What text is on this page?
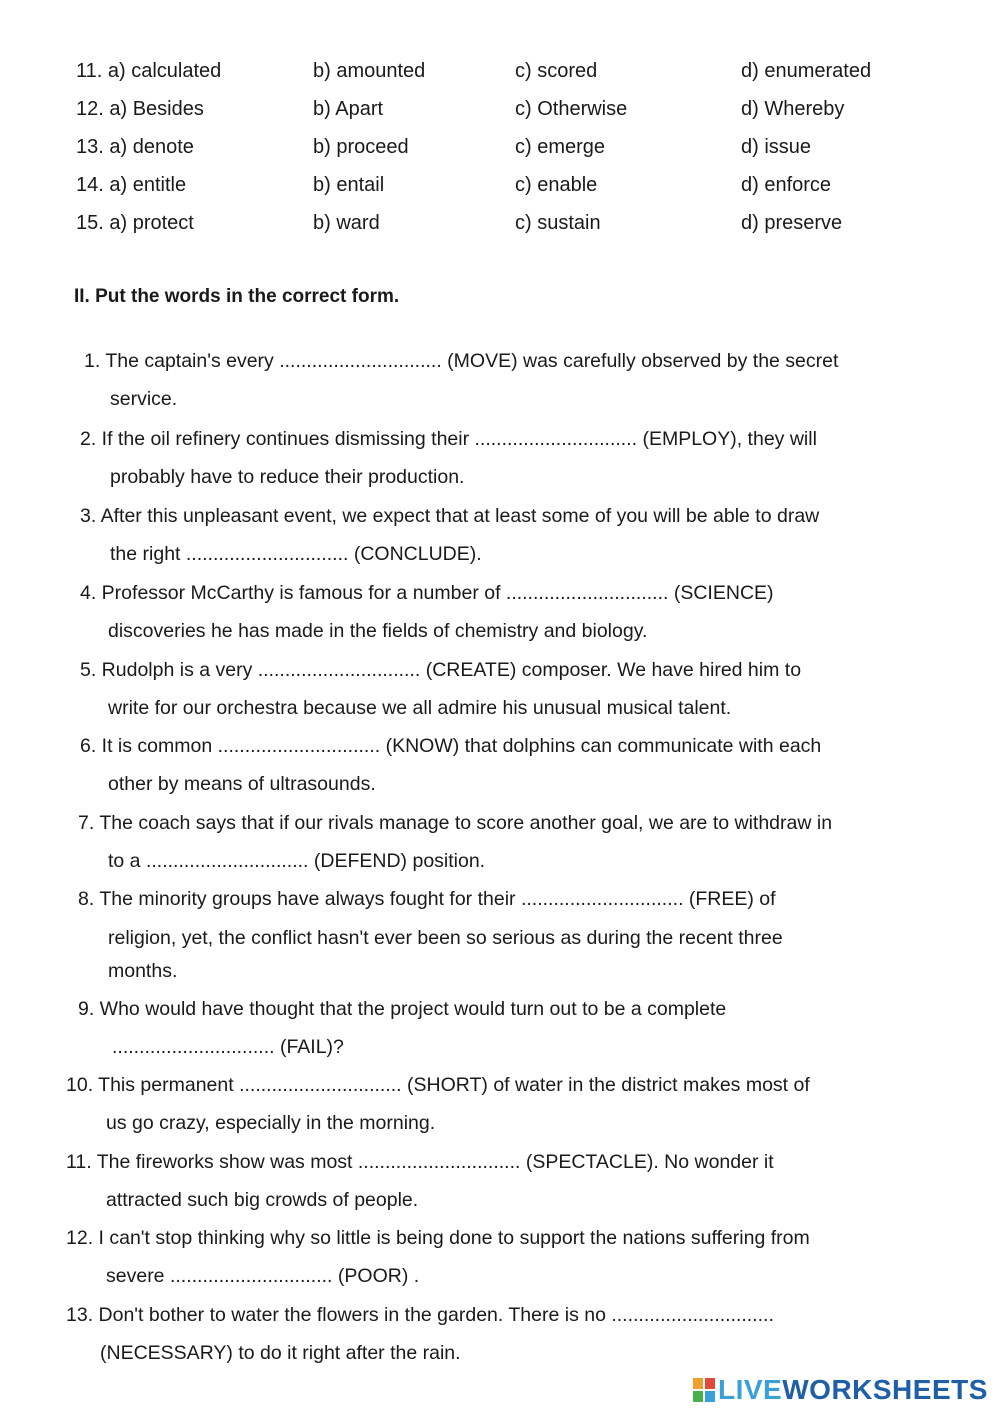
11. a) calculated	b) amounted	c) scored	d) enumerated
12. a) Besides	b) Apart	c) Otherwise	d) Whereby
13. a) denote	b) proceed	c) emerge	d) issue
14. a) entitle	b) entail	c) enable	d) enforce
15. a) protect	b) ward	c) sustain	d) preserve
II. Put the words in the correct form.
1. The captain's every .............................. (MOVE) was carefully observed by the secret
service.
2. If the oil refinery continues dismissing their .............................. (EMPLOY), they will
probably have to reduce their production.
3. After this unpleasant event, we expect that at least some of you will be able to draw
the right .............................. (CONCLUDE).
4. Professor McCarthy is famous for a number of .............................. (SCIENCE)
discoveries he has made in the fields of chemistry and biology.
5. Rudolph is a very .............................. (CREATE) composer. We have hired him to
write for our orchestra because we all admire his unusual musical talent.
6. It is common .............................. (KNOW) that dolphins can communicate with each
other by means of ultrasounds.
7. The coach says that if our rivals manage to score another goal, we are to withdraw in
to a .............................. (DEFEND) position.
8. The minority groups have always fought for their .............................. (FREE) of
religion, yet, the conflict hasn't ever been so serious as during the recent three
months.
9. Who would have thought that the project would turn out to be a complete
.............................. (FAIL)?
10. This permanent .............................. (SHORT) of water in the district makes most of
us go crazy, especially in the morning.
11. The fireworks show was most .............................. (SPECTACLE). No wonder it
attracted such big crowds of people.
12. I can't stop thinking why so little is being done to support the nations suffering from
severe .............................. (POOR) .
13. Don't bother to water the flowers in the garden. There is no ..............................
(NECESSARY) to do it right after the rain.
LIVEWORKSHEETS
